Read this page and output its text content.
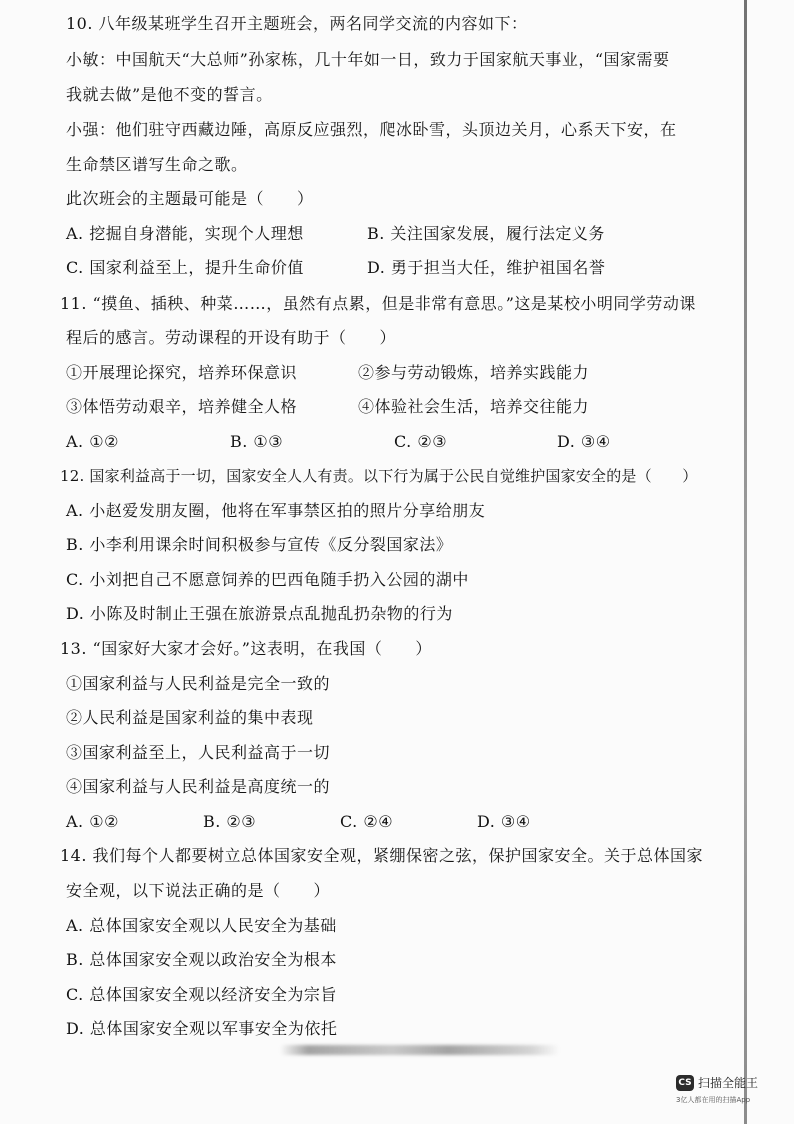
10. 八年级某班学生召开主题班会，两名同学交流的内容如下：
小敏：中国航天“大总师”孙家栋，几十年如一日，致力于国家航天事业，“国家需要
我就去做”是他不变的誓言。
小强：他们驻守西藏边陲，高原反应强烈，爬冰卧雪，头顶边关月，心系天下安，在
生命禁区谱写生命之歌。
此次班会的主题最可能是（　　）
A. 挖掘自身潜能，实现个人理想	B. 关注国家发展，履行法定义务
C. 国家利益至上，提升生命价值	D. 勇于担当大任，维护祖国名誉
11. “摸鱼、插秧、种菜……，虽然有点累，但是非常有意思。”这是某校小明同学劳动课
程后的感言。劳动课程的开设有助于（　　）
①开展理论探究，培养环保意识	②参与劳动锻炼，培养实践能力
③体悟劳动艰辛，培养健全人格	④体验社会生活，培养交往能力
A. ①②	B. ①③	C. ②③	D. ③④
12. 国家利益高于一切，国家安全人人有责。以下行为属于公民自觉维护国家安全的是（　　）
A. 小赵爱发朋友圈，他将在军事禁区拍的照片分享给朋友
B. 小李利用课余时间积极参与宣传《反分裂国家法》
C. 小刘把自己不愿意饲养的巴西龟随手扔入公园的湖中
D. 小陈及时制止王强在旅游景点乱抛乱扔杂物的行为
13. “国家好大家才会好。”这表明，在我国（　　）
①国家利益与人民利益是完全一致的
②人民利益是国家利益的集中表现
③国家利益至上，人民利益高于一切
④国家利益与人民利益是高度统一的
A. ①②	B. ②③	C. ②④	D. ③④
14. 我们每个人都要树立总体国家安全观，紧绷保密之弦，保护国家安全。关于总体国家
安全观，以下说法正确的是（　　）
A. 总体国家安全观以人民安全为基础
B. 总体国家安全观以政治安全为根本
C. 总体国家安全观以经济安全为宗旨
D. 总体国家安全观以军事安全为依托
CS 扫描全能王
3亿人都在用的扫描App
